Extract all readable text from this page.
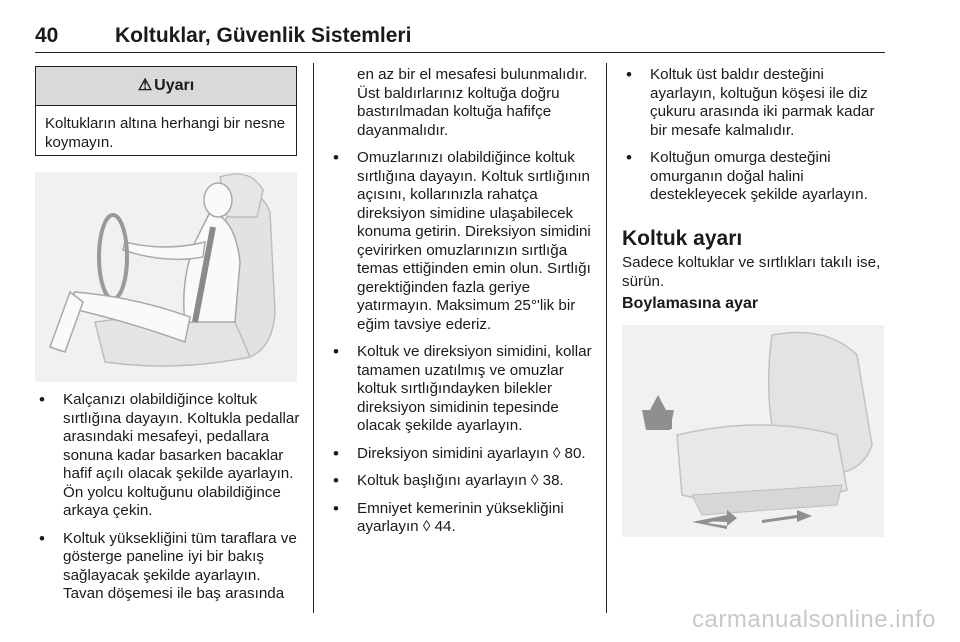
40	Koltuklar, Güvenlik Sistemleri
⚠ Uyarı
Koltukların altına herhangi bir nesne koymayın.
• Kalçanızı olabildiğince koltuk sırtlığına dayayın. Koltukla pedallar arasındaki mesafeyi, pedallara sonuna kadar basarken bacaklar hafif açılı olacak şekilde ayarlayın. Ön yolcu koltuğunu olabildiğince arkaya çekin.
• Koltuk yüksekliğini tüm taraflara ve gösterge paneline iyi bir bakış sağlayacak şekilde ayarlayın. Tavan döşemesi ile baş arasında
en az bir el mesafesi bulunmalıdır. Üst baldırlarınız koltuğa doğru bastırılmadan koltuğa hafifçe dayanmalıdır.
• Omuzlarınızı olabildiğince koltuk sırtlığına dayayın. Koltuk sırtlığının açısını, kollarınızla rahatça direksiyon simidine ulaşabilecek konuma getirin. Direksiyon simidini çevirirken omuzlarınızın sırtlığa temas ettiğinden emin olun. Sırtlığı gerektiğinden fazla geriye yatırmayın. Maksimum 25°'lik bir eğim tavsiye ederiz.
• Koltuk ve direksiyon simidini, kollar tamamen uzatılmış ve omuzlar koltuk sırtlığındayken bilekler direksiyon simidinin tepesinde olacak şekilde ayarlayın.
• Direksiyon simidini ayarlayın ◊ 80.
• Koltuk başlığını ayarlayın ◊ 38.
• Emniyet kemerinin yüksekliğini ayarlayın ◊ 44.
• Koltuk üst baldır desteğini ayarlayın, koltuğun köşesi ile diz çukuru arasında iki parmak kadar bir mesafe kalmalıdır.
• Koltuğun omurga desteğini omurganın doğal halini destekleyecek şekilde ayarlayın.
Koltuk ayarı
Sadece koltuklar ve sırtlıkları takılı ise, sürün.
Boylamasına ayar
carmanualsonline.info
